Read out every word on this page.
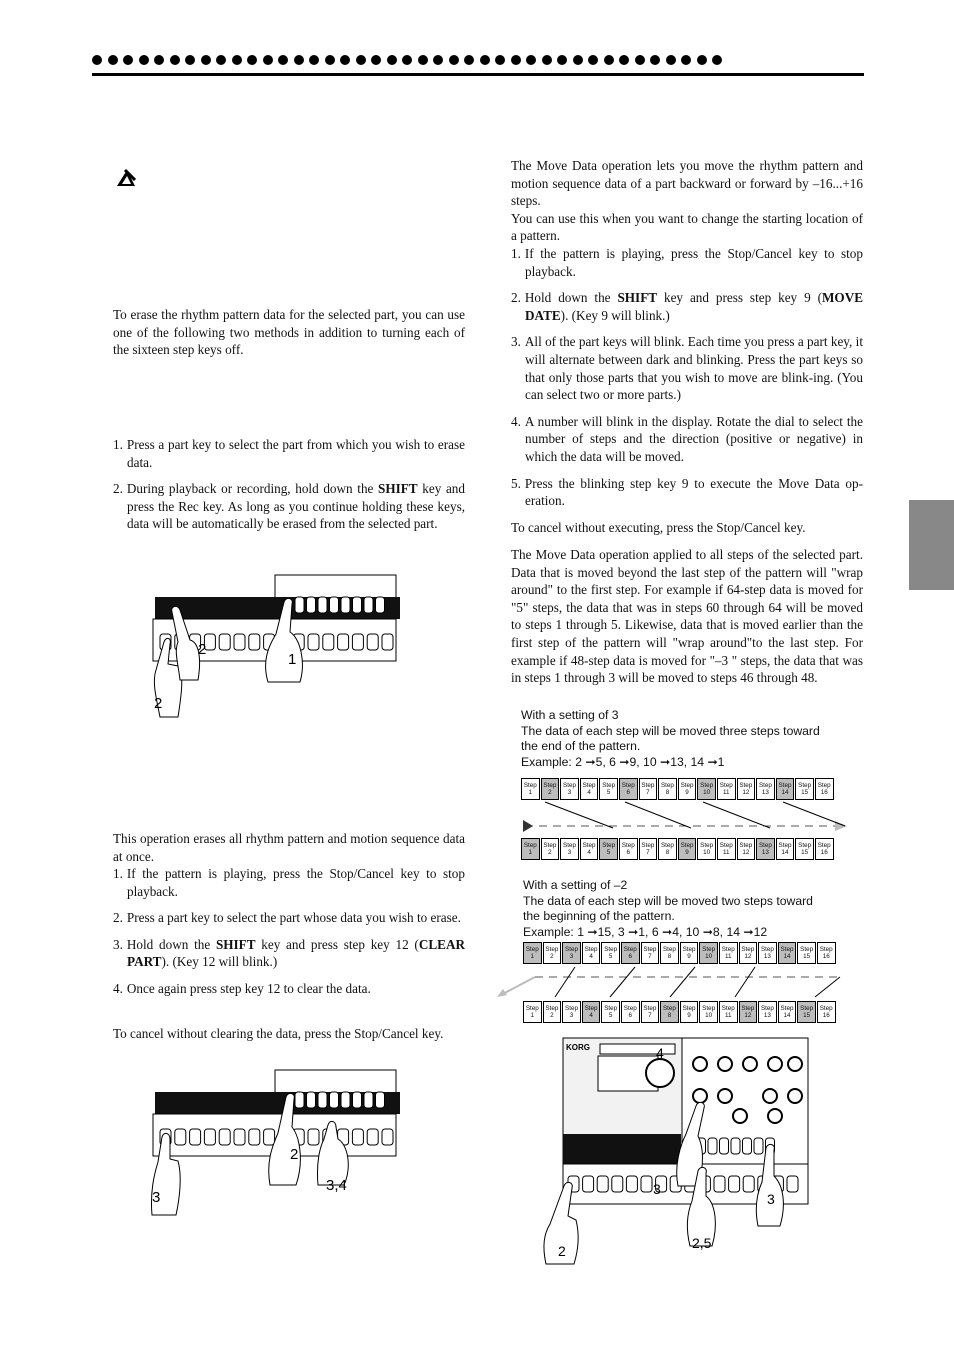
To erase the rhythm pattern data for the selected part, you can use one of the following two methods in addition to turning each of the sixteen step keys off.
1. Press a part key to select the part from which you wish to erase data.
2. During playback or recording, hold down the SHIFT key and press the Rec key. As long as you continue holding these keys, data will be automatically be erased from the selected part.
2
1
2
This operation erases all rhythm pattern and motion sequence data at once.
1. If the pattern is playing, press the Stop/Cancel key to stop playback.
2. Press a part key to select the part whose data you wish to erase.
3. Hold down the SHIFT key and press step key 12 (CLEAR PART). (Key 12 will blink.)
4. Once again press step key 12 to clear the data.
To cancel without clearing the data, press the Stop/Cancel key.
2
3
3,4
The Move Data operation lets you move the rhythm pattern and motion sequence data of a part backward or forward by –16...+16 steps.
You can use this when you want to change the starting location of a pattern.
1. If the pattern is playing, press the Stop/Cancel key to stop playback.
2. Hold down the SHIFT key and press step key 9 (MOVE DATE). (Key 9 will blink.)
3. All of the part keys will blink. Each time you press a part key, it will alternate between dark and blinking. Press the part keys so that only those parts that you wish to move are blink-ing. (You can select two or more parts.)
4. A number will blink in the display. Rotate the dial to select the number of steps and the direction (positive or negative) in which the data will be moved.
5. Press the blinking step key 9 to execute the Move Data op-eration.
To cancel without executing, press the Stop/Cancel key.
The Move Data operation applied to all steps of the selected part. Data that is moved beyond the last step of the pattern will "wrap around" to the first step. For example if 64-step data is moved for "5" steps, the data that was in steps 60 through 64 will be moved to steps 1 through 5. Likewise, data that is moved earlier than the first step of the pattern will "wrap around"to the last step. For example if 48-step data is moved for "–3 " steps, the data that was in steps 1 through 3 will be moved to steps 46 through 48.
With a setting of 3
The data of each step will be moved three steps toward
the end of the pattern.
Example: 2 ➞5, 6 ➞9, 10 ➞13, 14 ➞1
Step
1
Step
2
Step
3
Step
4
Step
5
Step
6
Step
7
Step
8
Step
9
Step
10
Step
11
Step
12
Step
13
Step
14
Step
15
Step
16
Step
1
Step
2
Step
3
Step
4
Step
5
Step
6
Step
7
Step
8
Step
9
Step
10
Step
11
Step
12
Step
13
Step
14
Step
15
Step
16
With a setting of –2
The data of each step will be moved two steps toward
the beginning of the pattern.
Example: 1 ➞15, 3 ➞1, 6 ➞4, 10 ➞8, 14 ➞12
Step
1
Step
2
Step
3
Step
4
Step
5
Step
6
Step
7
Step
8
Step
9
Step
10
Step
11
Step
12
Step
13
Step
14
Step
15
Step
16
Step
1
Step
2
Step
3
Step
4
Step
5
Step
6
Step
7
Step
8
Step
9
Step
10
Step
11
Step
12
Step
13
Step
14
Step
15
Step
16
KORG	4
3
3
2	2,5
